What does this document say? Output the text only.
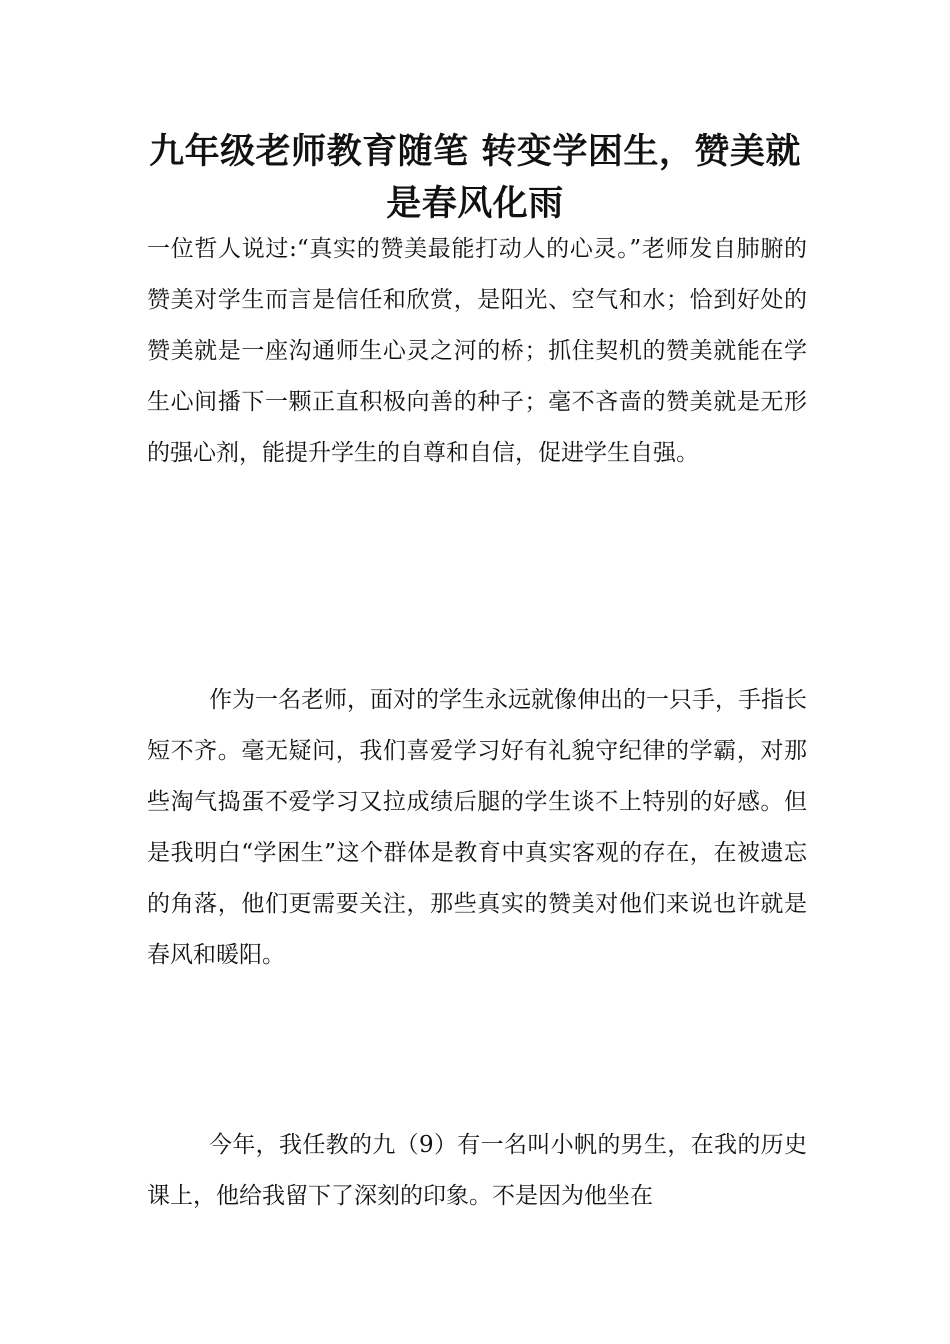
九年级老师教育随笔 转变学困生，赞美就是春风化雨

一位哲人说过:“真实的赞美最能打动人的心灵。”老师发自肺腑的赞美对学生而言是信任和欣赏，是阳光、空气和水；恰到好处的赞美就是一座沟通师生心灵之河的桥；抓住契机的赞美就能在学生心间播下一颗正直积极向善的种子；毫不吝啬的赞美就是无形的强心剂，能提升学生的自尊和自信，促进学生自强。

作为一名老师，面对的学生永远就像伸出的一只手，手指长短不齐。毫无疑问，我们喜爱学习好有礼貌守纪律的学霸，对那些淘气捣蛋不爱学习又拉成绩后腿的学生谈不上特别的好感。但是我明白“学困生”这个群体是教育中真实客观的存在，在被遗忘的角落，他们更需要关注，那些真实的赞美对他们来说也许就是春风和暖阳。

今年，我任教的九（9）有一名叫小帆的男生，在我的历史课上，他给我留下了深刻的印象。不是因为他坐在
